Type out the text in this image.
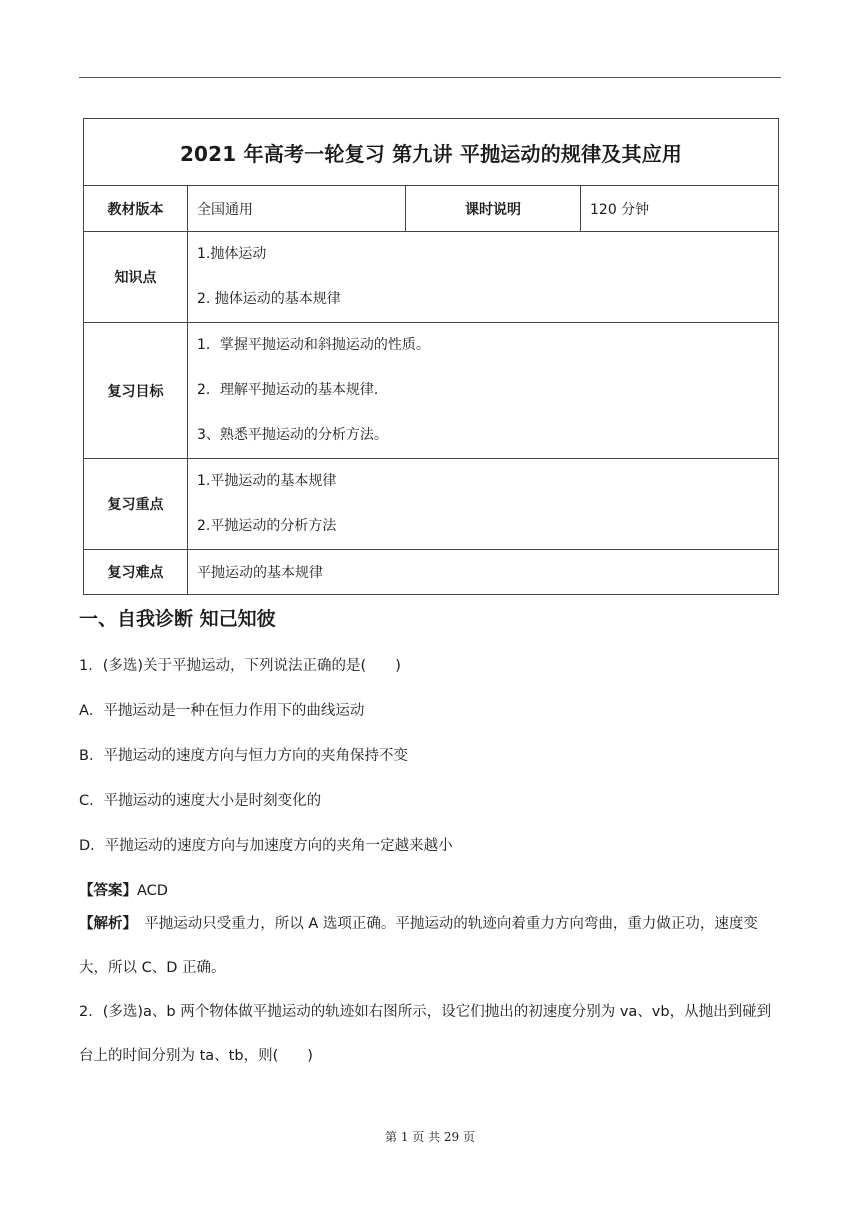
2021 年高考一轮复习 第九讲 平抛运动的规律及其应用			
教材版本	全国通用	课时说明	120 分钟
知识点	1.抛体运动
2. 抛体运动的基本规律		

复习目标	1．掌握平抛运动和斜抛运动的性质。
2．理解平抛运动的基本规律．
3、熟悉平抛运动的分析方法。		

复习重点	1.平抛运动的基本规律
2.平抛运动的分析方法		

复习难点	平抛运动的基本规律		
一、自我诊断 知己知彼
1．(多选)关于平抛运动，下列说法正确的是(　　)
A．平抛运动是一种在恒力作用下的曲线运动
B．平抛运动的速度方向与恒力方向的夹角保持不变
C．平抛运动的速度大小是时刻变化的
D．平抛运动的速度方向与加速度方向的夹角一定越来越小
【答案】ACD
【解析】　平抛运动只受重力，所以 A 选项正确。平抛运动的轨迹向着重力方向弯曲，重力做正功，速度变大，所以 C、D 正确。
2．(多选)a、b 两个物体做平抛运动的轨迹如右图所示，设它们抛出的初速度分别为 va、vb，从抛出到碰到台上的时间分别为 ta、tb，则(　　)
第 1 页 共 29 页
